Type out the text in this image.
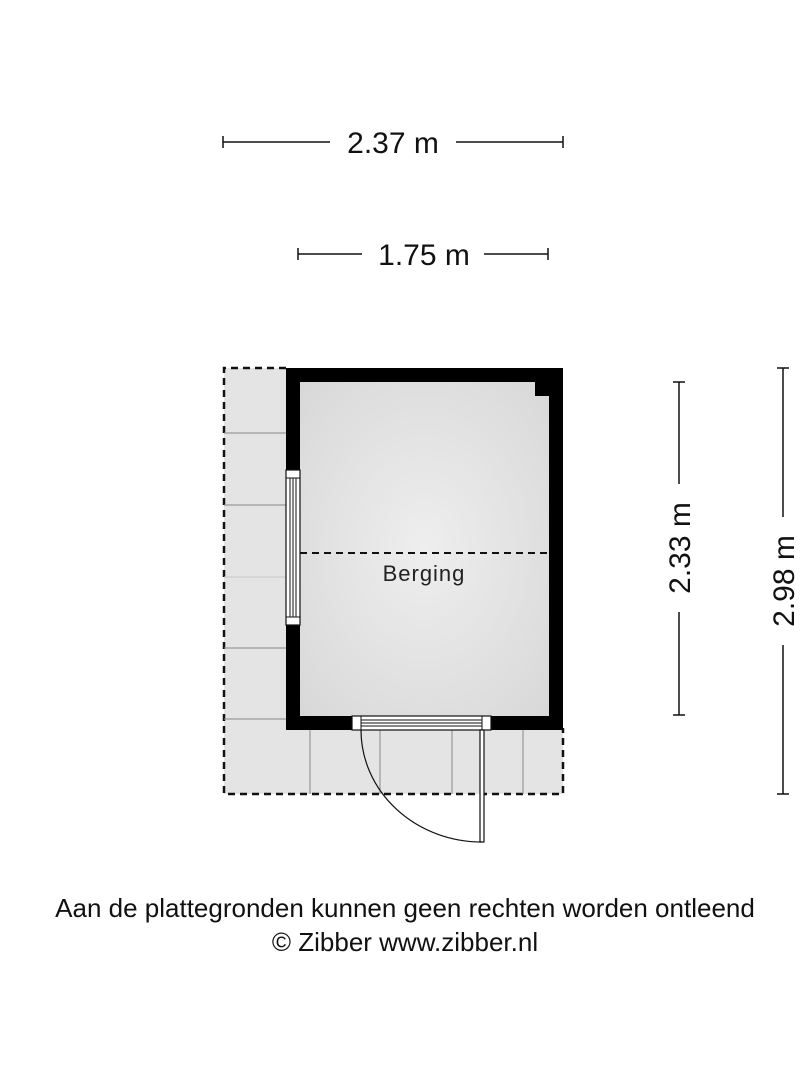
Berging
2.37 m
1.75 m
2.33 m 2.98 m
Aan de plattegronden kunnen geen rechten worden ontleend
© Zibber www.zibber.nl
